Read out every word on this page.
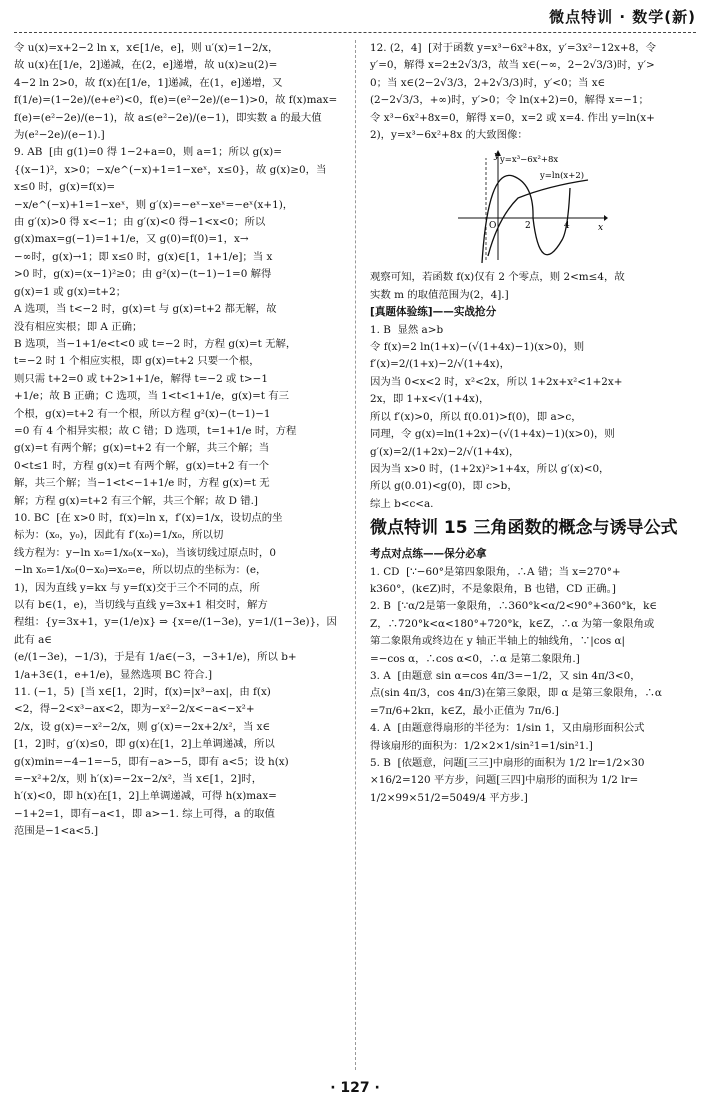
微点特训 · 数学(新)

令 u(x)=x+2−2 ln x，x∈[1/e，e]，则 u′(x)=1−2/x，

故 u(x)在[1/e，2]递减，在(2，e]递增，故 u(x)≥u(2)=

4−2 ln 2>0，故 f(x)在[1/e，1]递减，在(1，e]递增，又

f(1/e)=(1−2e)/(e+e²)<0，f(e)=(e²−2e)/(e−1)>0，故 f(x)max=

f(e)=(e²−2e)/(e−1)，故 a≤(e²−2e)/(e−1)，即实数 a 的最大值

为(e²−2e)/(e−1).]

9. AB  [由 g(1)=0 得 1−2+a=0，则 a=1；所以 g(x)=

{(x−1)²，x>0；−x/e^(−x)+1=1−xeˣ，x≤0}，故 g(x)≥0，当 x≤0 时，g(x)=f(x)=

−x/e^(−x)+1=1−xeˣ，则 g′(x)=−eˣ−xeˣ=−eˣ(x+1)，

由 g′(x)>0 得 x<−1；由 g′(x)<0 得−1<x<0；所以

g(x)max=g(−1)=1+1/e，又 g(0)=f(0)=1，x→

−∞时，g(x)→1；即 x≤0 时，g(x)∈[1，1+1/e]；当 x

>0 时，g(x)=(x−1)²≥0；由 g²(x)−(t−1)−1=0 解得

g(x)=1 或 g(x)=t+2；

A 选项，当 t<−2 时，g(x)=t 与 g(x)=t+2 都无解，故

没有相应实根；即 A 正确；

B 选项，当−1+1/e<t<0 或 t=−2 时，方程 g(x)=t 无解，

t=−2 时 1 个相应实根，即 g(x)=t+2 只要一个根，

则只需 t+2=0 或 t+2>1+1/e，解得 t=−2 或 t>−1

+1/e；故 B 正确；C 选项，当 1<t<1+1/e，g(x)=t 有三

个根，g(x)=t+2 有一个根，所以方程 g²(x)−(t−1)−1

=0 有 4 个相异实根；故 C 错；D 选项，t=1+1/e 时，方程

g(x)=t 有两个解；g(x)=t+2 有一个解，共三个解；当

0<t≤1 时，方程 g(x)=t 有两个解，g(x)=t+2 有一个

解，共三个解；当−1<t<−1+1/e 时，方程 g(x)=t 无

解；方程 g(x)=t+2 有三个解，共三个解；故 D 错.]

10. BC  [在 x>0 时，f(x)=ln x，f′(x)=1/x，设切点的坐

标为：(x₀，y₀)，因此有 f′(x₀)=1/x₀，所以切

线方程为：y−ln x₀=1/x₀(x−x₀)，当该切线过原点时，0

−ln x₀=1/x₀(0−x₀)⇒x₀=e，所以切点的坐标为：(e，

1)，因为直线 y=kx 与 y=f(x)交于三个不同的点，所

以有 b∈(1，e)，当切线与直线 y=3x+1 相交时，解方

程组：{y=3x+1，y=(1/e)x} ⇒ {x=e/(1−3e)，y=1/(1−3e)}，因此有 a∈

(e/(1−3e)，−1/3)，于是有 1/a∈(−3，−3+1/e)，所以 b+

1/a+3∈(1，e+1/e)，显然选项 BC 符合.]

11. (−1，5)  [当 x∈[1，2]时，f(x)=|x³−ax|，由 f(x)

<2，得−2<x³−ax<2，即为−x²−2/x<−a<−x²+

2/x，设 g(x)=−x²−2/x，则 g′(x)=−2x+2/x²，当 x∈

[1，2]时，g′(x)≤0，即 g(x)在[1，2]上单调递减，所以

g(x)min=−4−1=−5，即有−a>−5，即有 a<5；设 h(x)

=−x²+2/x，则 h′(x)=−2x−2/x²，当 x∈[1，2]时，

h′(x)<0，即 h(x)在[1，2]上单调递减，可得 h(x)max=

−1+2=1，即有−a<1，即 a>−1. 综上可得，a 的取值

范围是−1<a<5.]

12. (2，4]  [对于函数 y=x³−6x²+8x，y′=3x²−12x+8，令

y′=0，解得 x=2±2√3/3，故当 x∈(−∞，2−2√3/3)时，y′>

0；当 x∈(2−2√3/3，2+2√3/3)时，y′<0；当 x∈

(2−2√3/3，+∞)时，y′>0；令 ln(x+2)=0，解得 x=−1；

令 x³−6x²+8x=0，解得 x=0，x=2 或 x=4. 作出 y=ln(x+

2)，y=x³−6x²+8x 的大致图像：

y
x
y=x³−6x²+8x
y=ln(x+2)
O	2	4

观察可知，若函数 f(x)仅有 2 个零点，则 2<m≤4，故

实数 m 的取值范围为(2，4].]

[真题体验练]——实战抢分

1. B  显然 a>b

令 f(x)=2 ln(1+x)−(√(1+4x)−1)(x>0)，则

f′(x)=2/(1+x)−2/√(1+4x)，

因为当 0<x<2 时，x²<2x，所以 1+2x+x²<1+2x+

2x，即 1+x<√(1+4x)，

所以 f′(x)>0，所以 f(0.01)>f(0)，即 a>c，

同理，令 g(x)=ln(1+2x)−(√(1+4x)−1)(x>0)，则

g′(x)=2/(1+2x)−2/√(1+4x)，

因为当 x>0 时，(1+2x)²>1+4x，所以 g′(x)<0，

所以 g(0.01)<g(0)，即 c>b，

综上 b<c<a.

微点特训 15 三角函数的概念与诱导公式

考点对点练——保分必拿

1. CD  [∵−60°是第四象限角，∴A 错；当 x=270°+

k360°，(k∈Z)时，不是象限角，B 也错，CD 正确。]

2. B  [∵α/2是第一象限角，∴360°k<α/2<90°+360°k，k∈

Z，∴720°k<α<180°+720°k，k∈Z，∴α 为第一象限角或

第二象限角或终边在 y 轴正半轴上的轴线角，∵|cos α|

=−cos α，∴cos α<0，∴α 是第二象限角.]

3. A  [由题意 sin α=cos 4π/3=−1/2，又 sin 4π/3<0，

点(sin 4π/3，cos 4π/3)在第三象限，即 α 是第三象限角，∴α

=7π/6+2kπ，k∈Z，最小正值为 7π/6.]

4. A  [由题意得扇形的半径为：1/sin 1，又由扇形面积公式

得该扇形的面积为：1/2×2×1/sin²1=1/sin²1.]

5. B  [依题意，问题[三三]中扇形的面积为 1/2 lr=1/2×30

×16/2=120 平方步，问题[三四]中扇形的面积为 1/2 lr=

1/2×99×51/2=5049/4 平方步.]

· 127 ·
